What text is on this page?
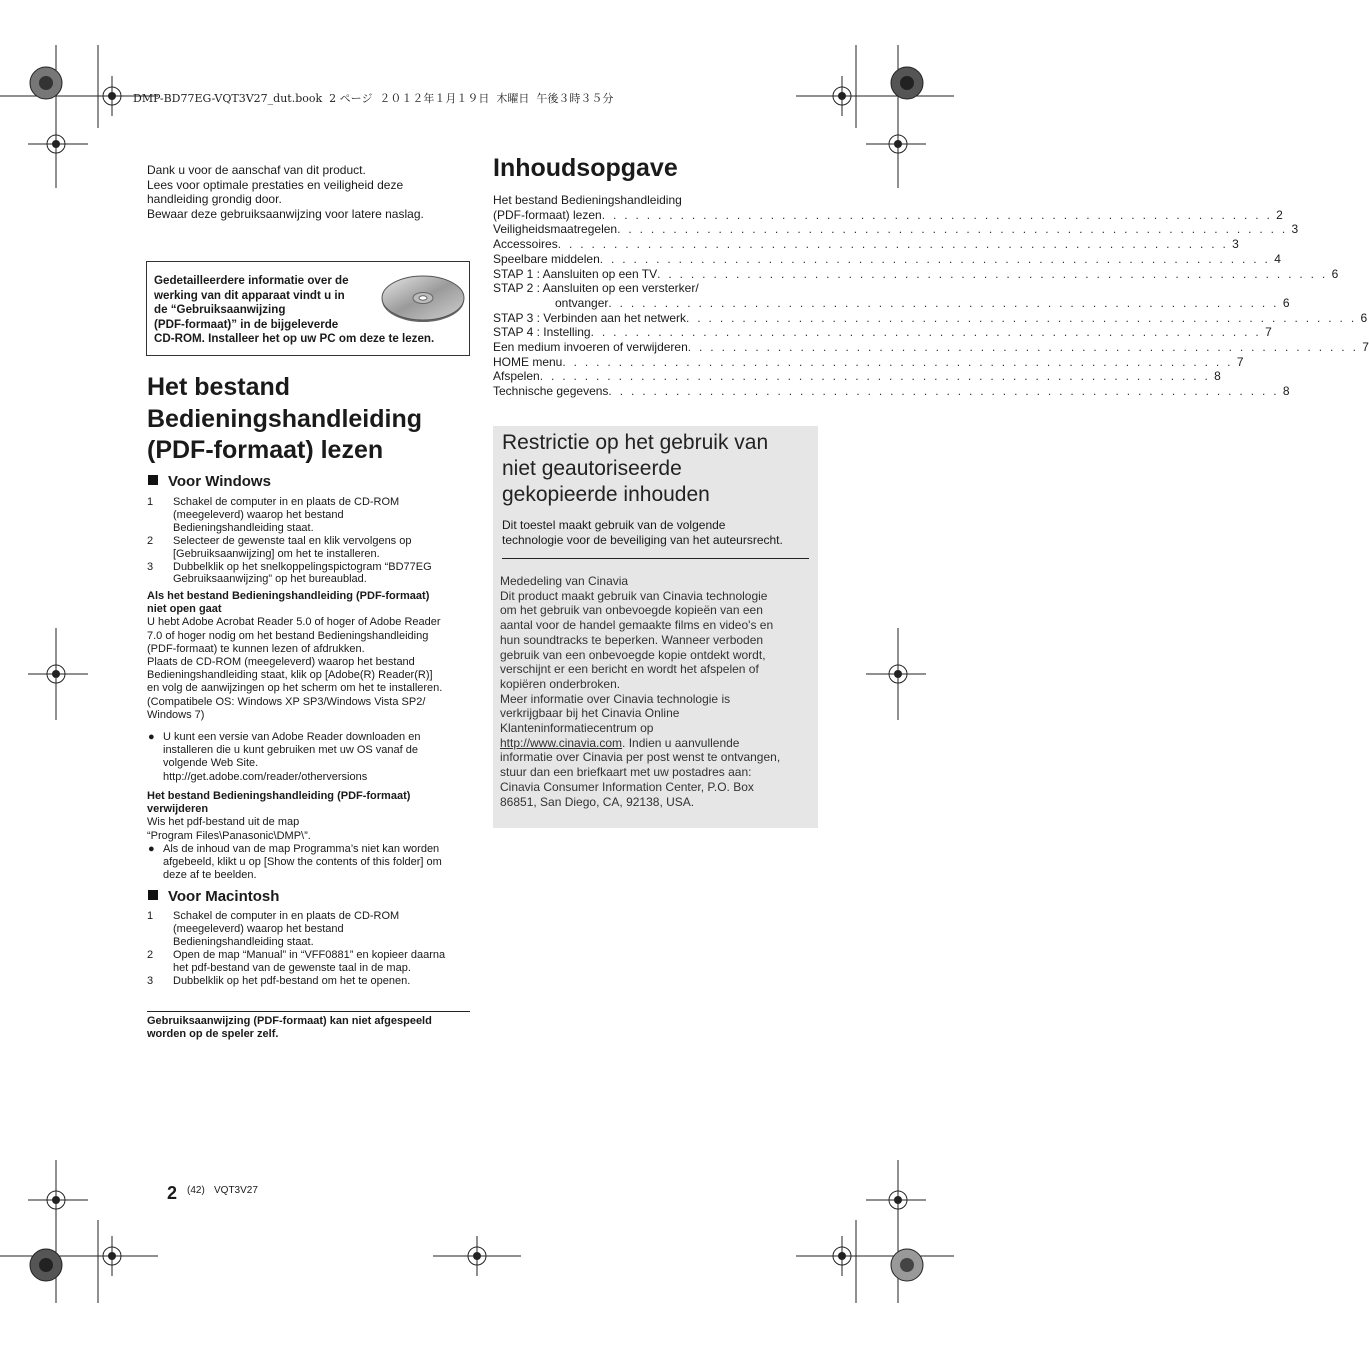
DMP-BD77EG-VQT3V27_dut.book  2 ページ  ２０１２年１月１９日  木曜日  午後３時３５分
Dank u voor de aanschaf van dit product.
Lees voor optimale prestaties en veiligheid deze
handleiding grondig door.
Bewaar deze gebruiksaanwijzing voor latere naslag.
Gedetailleerdere informatie over de
werking van dit apparaat vindt u in
de “Gebruiksaanwijzing
(PDF-formaat)” in de bijgeleverde
CD-ROM. Installeer het op uw PC om deze te lezen.
Het bestand
Bedieningshandleiding
(PDF-formaat) lezen
Voor Windows
1 Schakel de computer in en plaats de CD-ROM
(meegeleverd) waarop het bestand
Bedieningshandleiding staat.
2 Selecteer de gewenste taal en klik vervolgens op
[Gebruiksaanwijzing] om het te installeren.
3 Dubbelklik op het snelkoppelingspictogram “BD77EG
Gebruiksaanwijzing” op het bureaublad.
Als het bestand Bedieningshandleiding (PDF-formaat)
niet open gaat
U hebt Adobe Acrobat Reader 5.0 of hoger of Adobe Reader
7.0 of hoger nodig om het bestand Bedieningshandleiding
(PDF-formaat) te kunnen lezen of afdrukken.
Plaats de CD-ROM (meegeleverd) waarop het bestand
Bedieningshandleiding staat, klik op [Adobe(R) Reader(R)]
en volg de aanwijzingen op het scherm om het te installeren.
(Compatibele OS: Windows XP SP3/Windows Vista SP2/
Windows 7)
● U kunt een versie van Adobe Reader downloaden en
installeren die u kunt gebruiken met uw OS vanaf de
volgende Web Site.
http://get.adobe.com/reader/otherversions
Het bestand Bedieningshandleiding (PDF-formaat)
verwijderen
Wis het pdf-bestand uit de map
“Program Files\Panasonic\DMP\”.
● Als de inhoud van de map Programma’s niet kan worden
afgebeeld, klikt u op [Show the contents of this folder] om
deze af te beelden.
Voor Macintosh
1 Schakel de computer in en plaats de CD-ROM
(meegeleverd) waarop het bestand
Bedieningshandleiding staat.
2 Open de map “Manual” in “VFF0881” en kopieer daarna
het pdf-bestand van de gewenste taal in de map.
3 Dubbelklik op het pdf-bestand om het te openen.
Gebruiksaanwijzing (PDF-formaat) kan niet afgespeeld
worden op de speler zelf.
Inhoudsopgave
Het bestand Bedieningshandleiding
(PDF-formaat) lezen . . . . . . . . . . . . . . . . . . . . . . . . . . . . . . . . . . . . . . . . . . . . . . . . . . . . . . . . . . . . 2
Veiligheidsmaatregelen . . . . . . . . . . . . . . . . . . . . . . . . . . . . . . . . . . . . . . . . . . . . . . . . . . . . . . . . . . . . 3
Accessoires . . . . . . . . . . . . . . . . . . . . . . . . . . . . . . . . . . . . . . . . . . . . . . . . . . . . . . . . . . . . 3
Speelbare middelen . . . . . . . . . . . . . . . . . . . . . . . . . . . . . . . . . . . . . . . . . . . . . . . . . . . . . . . . . . . . 4
STAP 1 : Aansluiten op een TV . . . . . . . . . . . . . . . . . . . . . . . . . . . . . . . . . . . . . . . . . . . . . . . . . . . . . . . . . . . . 6
STAP 2 : Aansluiten op een versterker/
ontvanger . . . . . . . . . . . . . . . . . . . . . . . . . . . . . . . . . . . . . . . . . . . . . . . . . . . . . . . . . . . . 6
STAP 3 : Verbinden aan het netwerk . . . . . . . . . . . . . . . . . . . . . . . . . . . . . . . . . . . . . . . . . . . . . . . . . . . . . . . . . . . . 6
STAP 4 : Instelling . . . . . . . . . . . . . . . . . . . . . . . . . . . . . . . . . . . . . . . . . . . . . . . . . . . . . . . . . . . . 7
Een medium invoeren of verwijderen . . . . . . . . . . . . . . . . . . . . . . . . . . . . . . . . . . . . . . . . . . . . . . . . . . . . . . . . . . . . 7
HOME menu . . . . . . . . . . . . . . . . . . . . . . . . . . . . . . . . . . . . . . . . . . . . . . . . . . . . . . . . . . . . 7
Afspelen . . . . . . . . . . . . . . . . . . . . . . . . . . . . . . . . . . . . . . . . . . . . . . . . . . . . . . . . . . . . 8
Technische gegevens . . . . . . . . . . . . . . . . . . . . . . . . . . . . . . . . . . . . . . . . . . . . . . . . . . . . . . . . . . . . 8
Restrictie op het gebruik van
niet geautoriseerde
gekopieerde inhouden
Dit toestel maakt gebruik van de volgende
technologie voor de beveiliging van het auteursrecht.
Mededeling van Cinavia
Dit product maakt gebruik van Cinavia technologie
om het gebruik van onbevoegde kopieën van een
aantal voor de handel gemaakte films en video's en
hun soundtracks te beperken. Wanneer verboden
gebruik van een onbevoegde kopie ontdekt wordt,
verschijnt er een bericht en wordt het afspelen of
kopiëren onderbroken.
Meer informatie over Cinavia technologie is
verkrijgbaar bij het Cinavia Online
Klanteninformatiecentrum op
http://www.cinavia.com. Indien u aanvullende
informatie over Cinavia per post wenst te ontvangen,
stuur dan een briefkaart met uw postadres aan:
Cinavia Consumer Information Center, P.O. Box
86851, San Diego, CA, 92138, USA.
2 (42) VQT3V27
